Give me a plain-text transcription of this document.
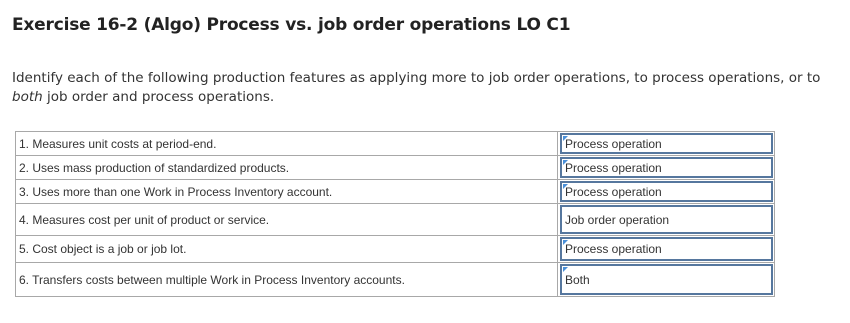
Exercise 16-2 (Algo) Process vs. job order operations LO C1
Identify each of the following production features as applying more to job order operations, to process operations, or to
both job order and process operations.
1. Measures unit costs at period-end.	Process operation

2. Uses mass production of standardized products.	Process operation

3. Uses more than one Work in Process Inventory account.	Process operation

4. Measures cost per unit of product or service.	Job order operation

5. Cost object is a job or job lot.	Process operation

6. Transfers costs between multiple Work in Process Inventory accounts.	Both
